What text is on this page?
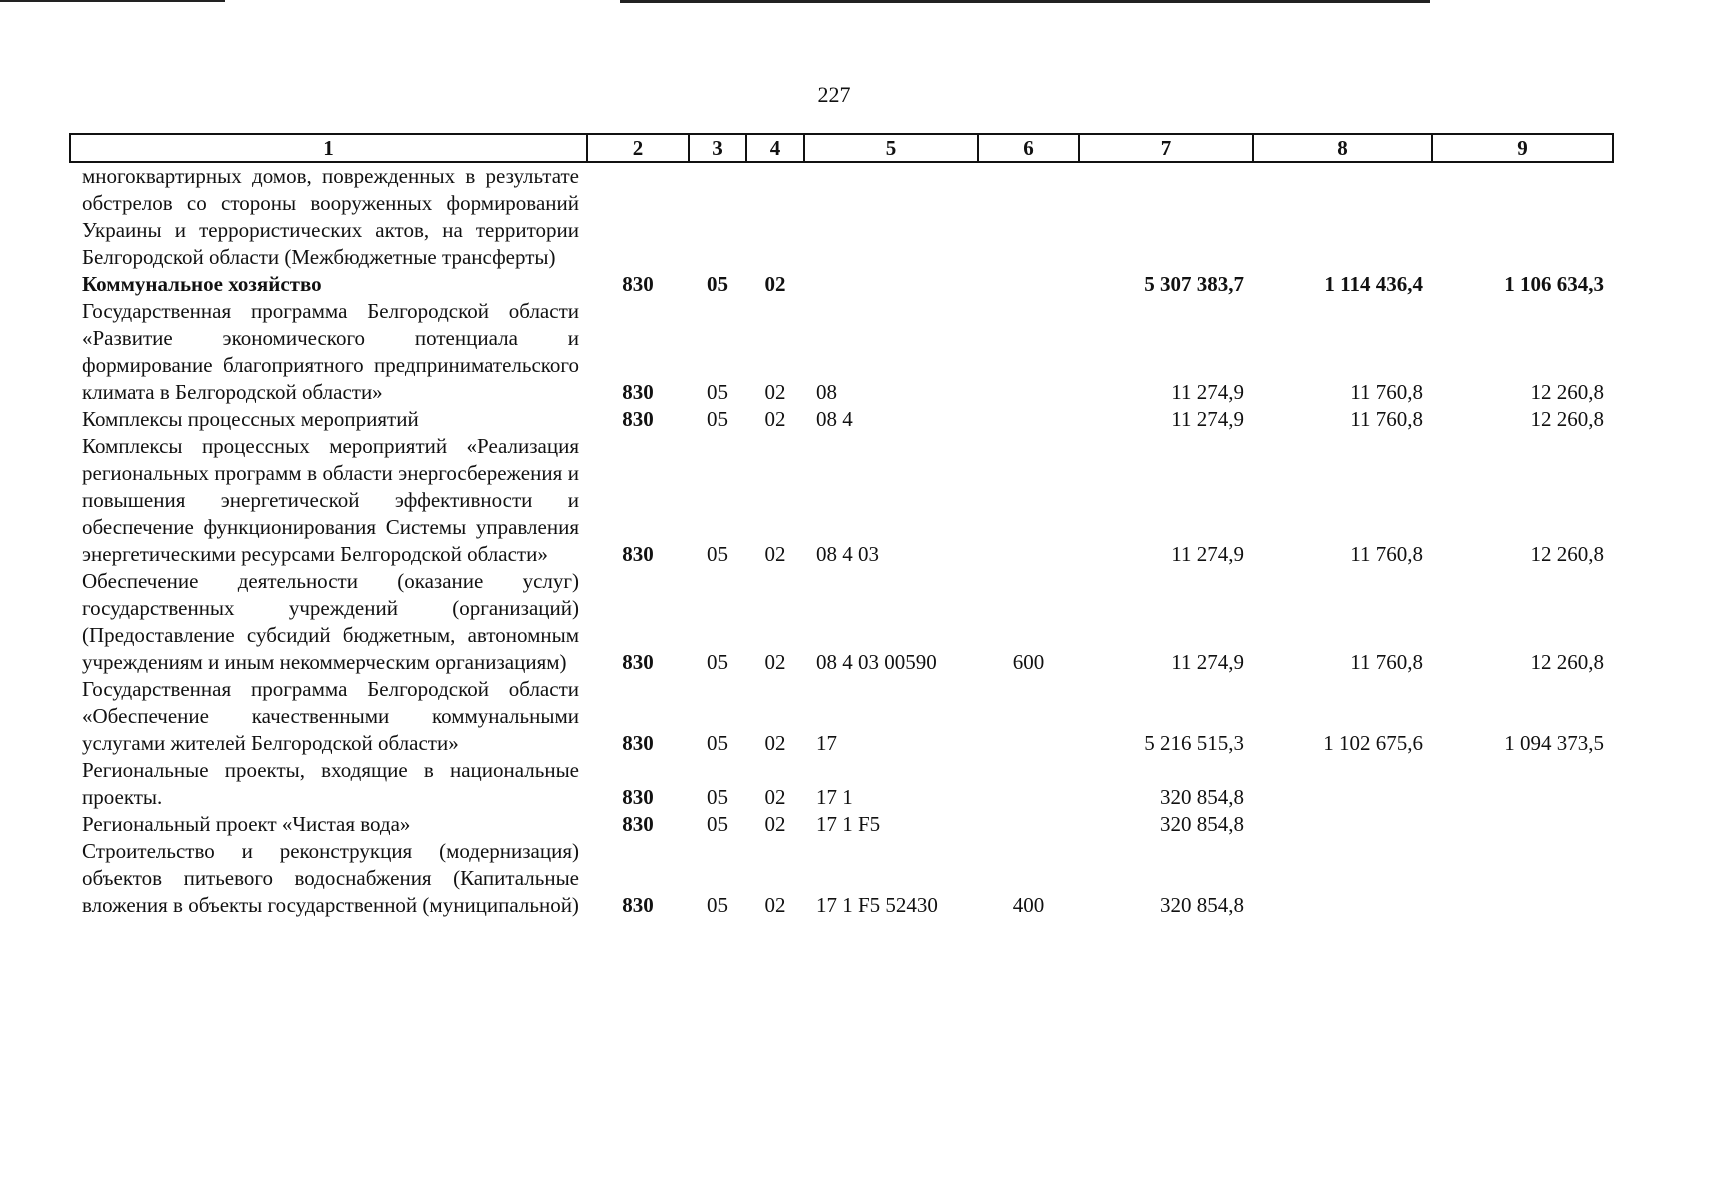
227
1	2	3	4	5	6	7	8	9
многоквартирных домов, поврежденных в результате обстрелов со стороны вооруженных формирований Украины и террористических актов, на территории Белгородской области (Межбюджетные трансферты)								
Коммунальное хозяйство	830	05	02			5 307 383,7	1 114 436,4	1 106 634,3
Государственная программа Белгородской области «Развитие экономического потенциала и формирование благоприятного предпринимательского климата в Белгородской области»	830	05	02	08		11 274,9	11 760,8	12 260,8
Комплексы процессных мероприятий	830	05	02	08 4		11 274,9	11 760,8	12 260,8
Комплексы процессных мероприятий «Реализация региональных программ в области энергосбережения и повышения энергетической эффективности и обеспечение функционирования Системы управления энергетическими ресурсами Белгородской области»	830	05	02	08 4 03		11 274,9	11 760,8	12 260,8
Обеспечение деятельности (оказание услуг) государственных учреждений (организаций) (Предоставление субсидий бюджетным, автономным учреждениям и иным некоммерческим организациям)	830	05	02	08 4 03 00590	600	11 274,9	11 760,8	12 260,8
Государственная программа Белгородской области «Обеспечение качественными коммунальными услугами жителей Белгородской области»	830	05	02	17		5 216 515,3	1 102 675,6	1 094 373,5
Региональные проекты, входящие в национальные проекты.	830	05	02	17 1		320 854,8		
Региональный проект «Чистая вода»	830	05	02	17 1 F5		320 854,8		
Строительство и реконструкция (модернизация) объектов питьевого водоснабжения (Капитальные вложения в объекты государственной (муниципальной)	830	05	02	17 1 F5 52430	400	320 854,8		
